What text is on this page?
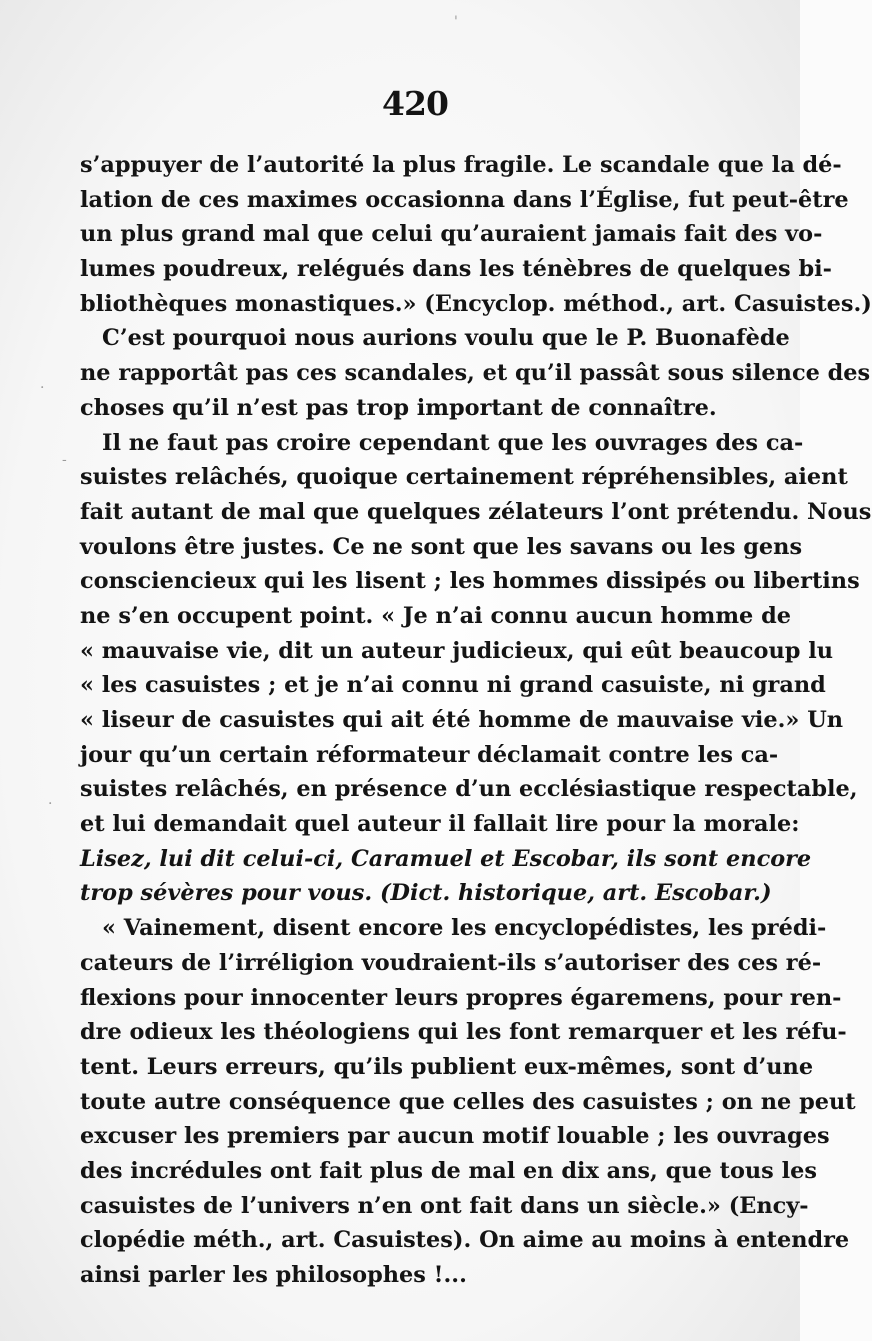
420
s’appuyer de l’autorité la plus fragile. Le scandale que la dé-
lation de ces maximes occasionna dans l’Église, fut peut-être
un plus grand mal que celui qu’auraient jamais fait des vo-
lumes poudreux, relégués dans les ténèbres de quelques bi-
bliothèques monastiques.» (Encyclop. méthod., art. Casuistes.)
C’est pourquoi nous aurions voulu que le P. Buonafède
ne rapportât pas ces scandales, et qu’il passât sous silence des
choses qu’il n’est pas trop important de connaître.
Il ne faut pas croire cependant que les ouvrages des ca-
suistes relâchés, quoique certainement répréhensibles, aient
fait autant de mal que quelques zélateurs l’ont prétendu. Nous
voulons être justes. Ce ne sont que les savans ou les gens
consciencieux qui les lisent ; les hommes dissipés ou libertins
ne s’en occupent point. « Je n’ai connu aucun homme de
« mauvaise vie, dit un auteur judicieux, qui eût beaucoup lu
« les casuistes ; et je n’ai connu ni grand casuiste, ni grand
« liseur de casuistes qui ait été homme de mauvaise vie.» Un
jour qu’un certain réformateur déclamait contre les ca-
suistes relâchés, en présence d’un ecclésiastique respectable,
et lui demandait quel auteur il fallait lire pour la morale:
Lisez, lui dit celui-ci, Caramuel et Escobar, ils sont encore
trop sévères pour vous. (Dict. historique, art. Escobar.)
« Vainement, disent encore les encyclopédistes, les prédi-
cateurs de l’irréligion voudraient-ils s’autoriser des ces ré-
flexions pour innocenter leurs propres égaremens, pour ren-
dre odieux les théologiens qui les font remarquer et les réfu-
tent. Leurs erreurs, qu’ils publient eux-mêmes, sont d’une
toute autre conséquence que celles des casuistes ; on ne peut
excuser les premiers par aucun motif louable ; les ouvrages
des incrédules ont fait plus de mal en dix ans, que tous les
casuistes de l’univers n’en ont fait dans un siècle.» (Ency-
clopédie méth., art. Casuistes). On aime au moins à entendre
ainsi parler les philosophes !...
·
-
·
'
